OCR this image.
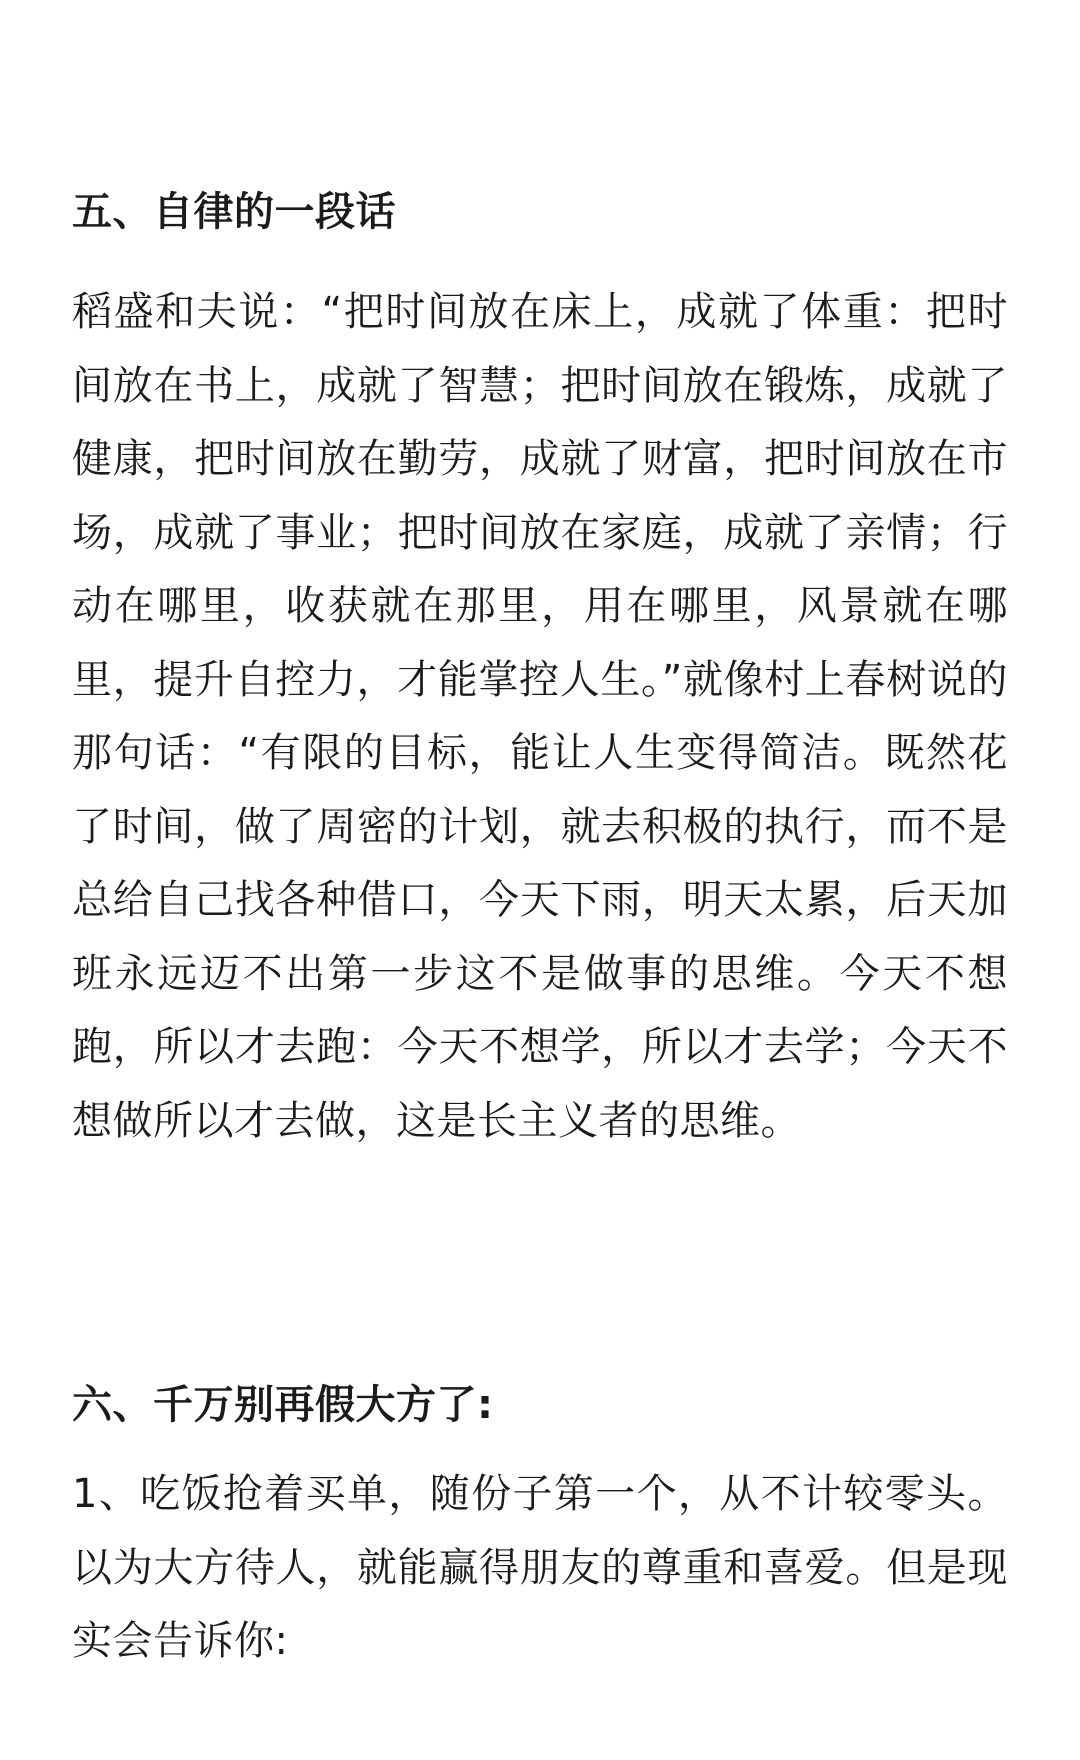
五、自律的一段话

稻盛和夫说：“把时间放在床上，成就了体重：把时间放在书上，成就了智慧；把时间放在锻炼，成就了健康，把时间放在勤劳，成就了财富，把时间放在市场，成就了事业；把时间放在家庭，成就了亲情；行动在哪里，收获就在那里，用在哪里，风景就在哪里，提升自控力，才能掌控人生。”就像村上春树说的那句话：“有限的目标，能让人生变得简洁。既然花了时间，做了周密的计划，就去积极的执行，而不是总给自己找各种借口，今天下雨，明天太累，后天加班永远迈不出第一步这不是做事的思维。今天不想跑，所以才去跑：今天不想学，所以才去学；今天不想做所以才去做，这是长主义者的思维。

六、千万别再假大方了:

1、吃饭抢着买单，随份子第一个，从不计较零头。以为大方待人，就能赢得朋友的尊重和喜爱。但是现实会告诉你:
